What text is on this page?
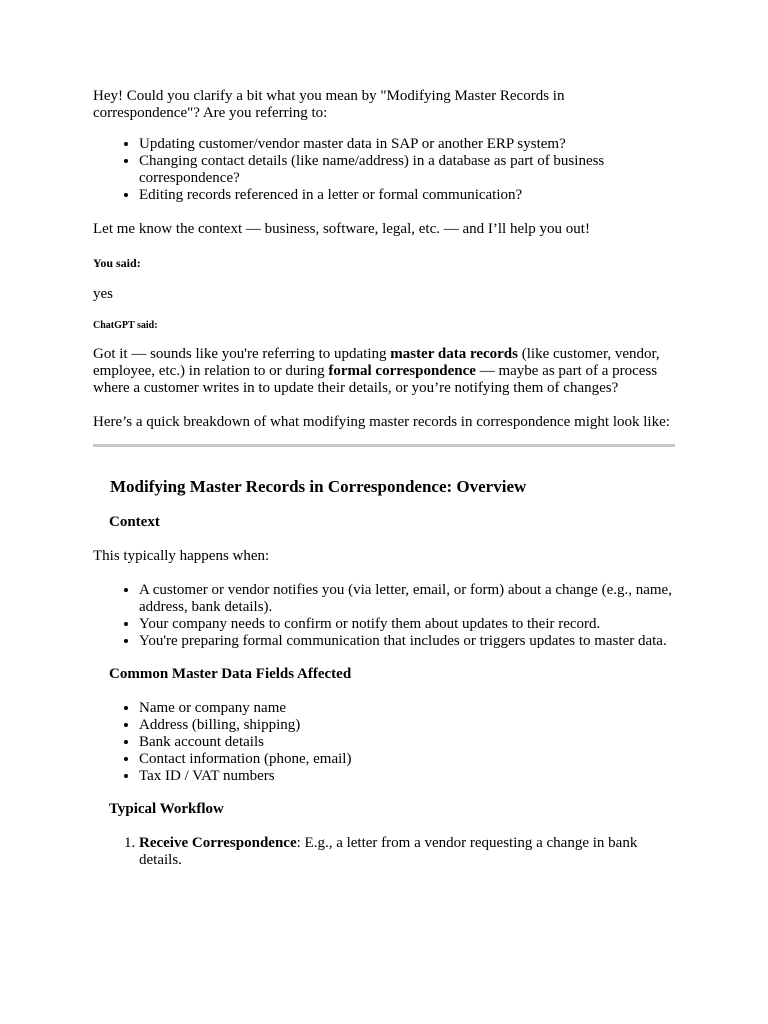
Hey! Could you clarify a bit what you mean by "Modifying Master Records in correspondence"? Are you referring to:

• Updating customer/vendor master data in SAP or another ERP system?
• Changing contact details (like name/address) in a database as part of business correspondence?
• Editing records referenced in a letter or formal communication?

Let me know the context — business, software, legal, etc. — and I’ll help you out!

You said:

yes

ChatGPT said:

Got it — sounds like you're referring to updating master data records (like customer, vendor, employee, etc.) in relation to or during formal correspondence — maybe as part of a process where a customer writes in to update their details, or you’re notifying them of changes?

Here’s a quick breakdown of what modifying master records in correspondence might look like:

Modifying Master Records in Correspondence: Overview
Context

This typically happens when:

• A customer or vendor notifies you (via letter, email, or form) about a change (e.g., name, address, bank details).
• Your company needs to confirm or notify them about updates to their record.
• You're preparing formal communication that includes or triggers updates to master data.
Common Master Data Fields Affected
• Name or company name
• Address (billing, shipping)
• Bank account details
• Contact information (phone, email)
• Tax ID / VAT numbers
Typical Workflow
1. Receive Correspondence: E.g., a letter from a vendor requesting a change in bank details.
